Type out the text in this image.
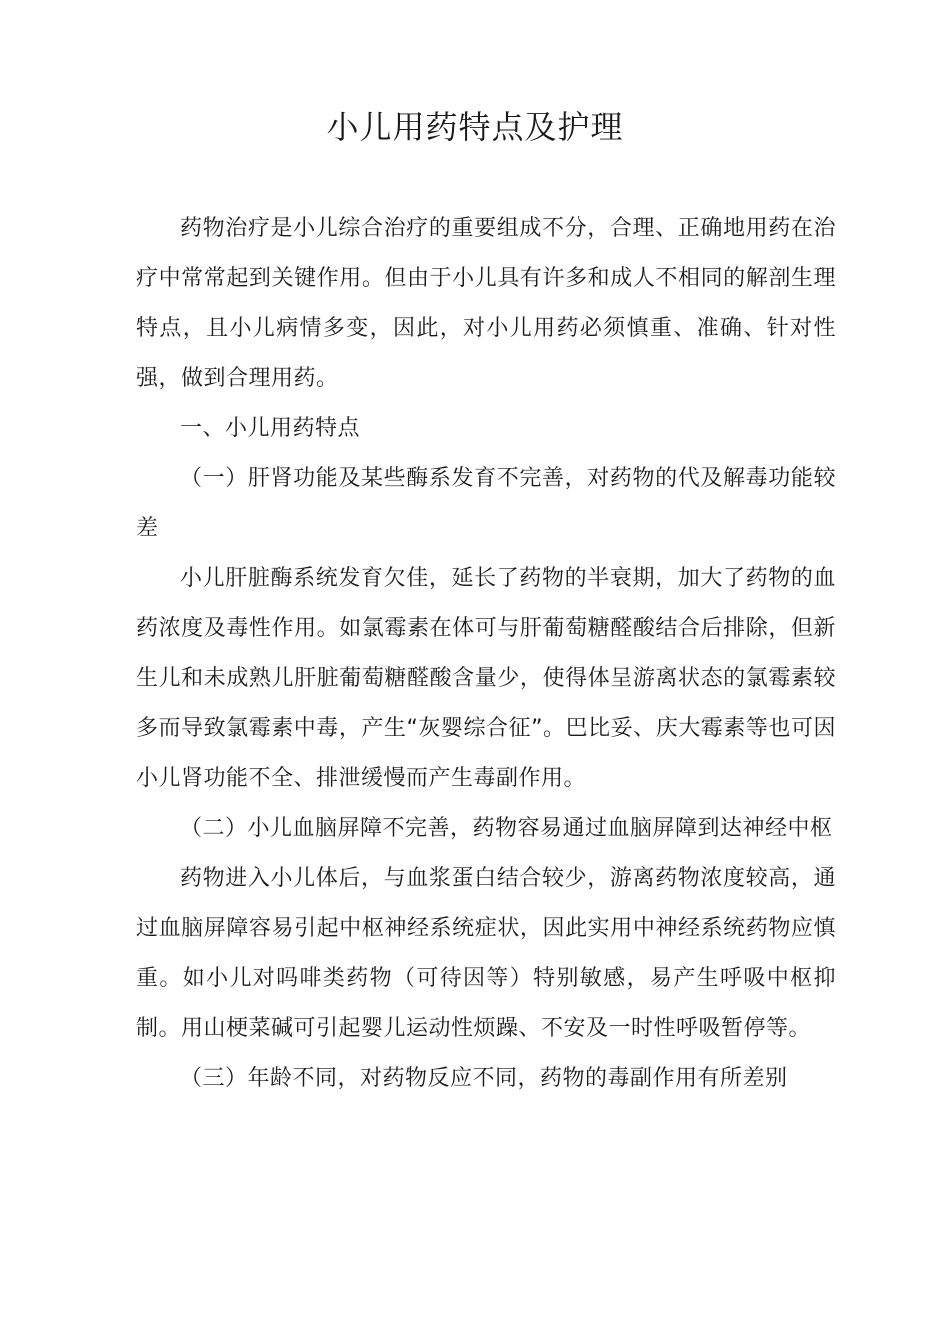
小儿用药特点及护理

药物治疗是小儿综合治疗的重要组成不分，合理、正确地用药在治疗中常常起到关键作用。但由于小儿具有许多和成人不相同的解剖生理特点，且小儿病情多变，因此，对小儿用药必须慎重、准确、针对性强，做到合理用药。

一、小儿用药特点

（一）肝肾功能及某些酶系发育不完善，对药物的代及解毒功能较差

小儿肝脏酶系统发育欠佳，延长了药物的半衰期，加大了药物的血药浓度及毒性作用。如氯霉素在体可与肝葡萄糖醛酸结合后排除，但新生儿和未成熟儿肝脏葡萄糖醛酸含量少，使得体呈游离状态的氯霉素较多而导致氯霉素中毒，产生“灰婴综合征”。巴比妥、庆大霉素等也可因小儿肾功能不全、排泄缓慢而产生毒副作用。

（二）小儿血脑屏障不完善，药物容易通过血脑屏障到达神经中枢

药物进入小儿体后，与血浆蛋白结合较少，游离药物浓度较高，通过血脑屏障容易引起中枢神经系统症状，因此实用中神经系统药物应慎重。如小儿对吗啡类药物（可待因等）特别敏感，易产生呼吸中枢抑制。用山梗菜碱可引起婴儿运动性烦躁、不安及一时性呼吸暂停等。

（三）年龄不同，对药物反应不同，药物的毒副作用有所差别
